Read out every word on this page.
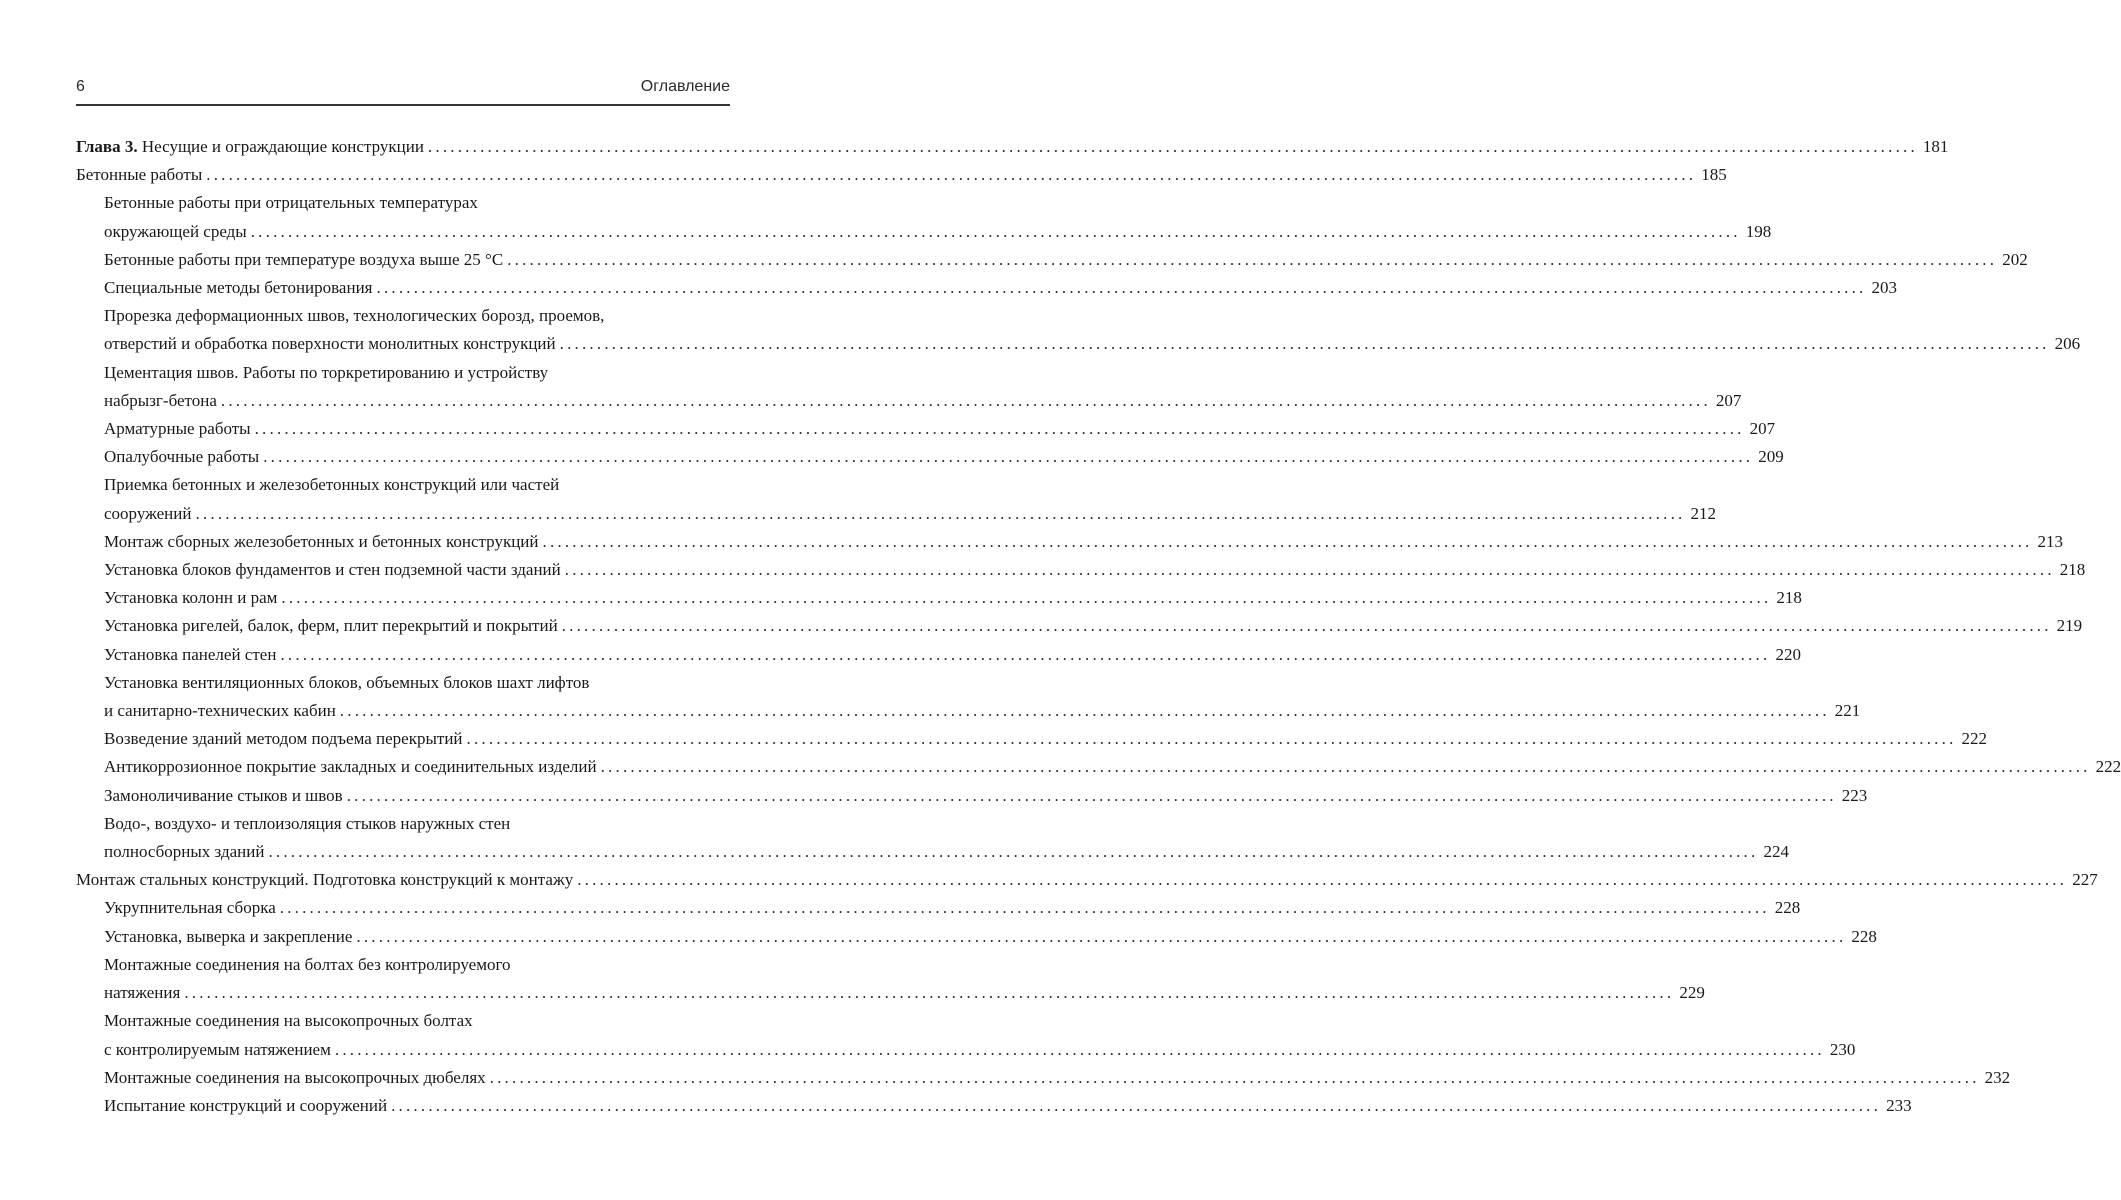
6	Оглавление
Глава 3. Несущие и ограждающие конструкции ........................................................................................................................................................................................................ 181
Бетонные работы ........................................................................................................................................................................................................ 185
Бетонные работы при отрицательных температурах
окружающей среды ........................................................................................................................................................................................................ 198
Бетонные работы при температуре воздуха выше 25 °С ........................................................................................................................................................................................................ 202
Специальные методы бетонирования ........................................................................................................................................................................................................ 203
Прорезка деформационных швов, технологических борозд, проемов,
отверстий и обработка поверхности монолитных конструкций ........................................................................................................................................................................................................ 206
Цементация швов. Работы по торкретированию и устройству
набрызг-бетона ........................................................................................................................................................................................................ 207
Арматурные работы ........................................................................................................................................................................................................ 207
Опалубочные работы ........................................................................................................................................................................................................ 209
Приемка бетонных и железобетонных конструкций или частей
сооружений ........................................................................................................................................................................................................ 212
Монтаж сборных железобетонных и бетонных конструкций ........................................................................................................................................................................................................ 213
Установка блоков фундаментов и стен подземной части зданий ........................................................................................................................................................................................................ 218
Установка колонн и рам ........................................................................................................................................................................................................ 218
Установка ригелей, балок, ферм, плит перекрытий и покрытий ........................................................................................................................................................................................................ 219
Установка панелей стен ........................................................................................................................................................................................................ 220
Установка вентиляционных блоков, объемных блоков шахт лифтов
и санитарно-технических кабин ........................................................................................................................................................................................................ 221
Возведение зданий методом подъема перекрытий ........................................................................................................................................................................................................ 222
Антикоррозионное покрытие закладных и соединительных изделий ........................................................................................................................................................................................................ 222
Замоноличивание стыков и швов ........................................................................................................................................................................................................ 223
Водо-, воздухо- и теплоизоляция стыков наружных стен
полносборных зданий ........................................................................................................................................................................................................ 224
Монтаж стальных конструкций. Подготовка конструкций к монтажу ........................................................................................................................................................................................................ 227
Укрупнительная сборка ........................................................................................................................................................................................................ 228
Установка, выверка и закрепление ........................................................................................................................................................................................................ 228
Монтажные соединения на болтах без контролируемого
натяжения ........................................................................................................................................................................................................ 229
Монтажные соединения на высокопрочных болтах
с контролируемым натяжением ........................................................................................................................................................................................................ 230
Монтажные соединения на высокопрочных дюбелях ........................................................................................................................................................................................................ 232
Испытание конструкций и сооружений ........................................................................................................................................................................................................ 233
